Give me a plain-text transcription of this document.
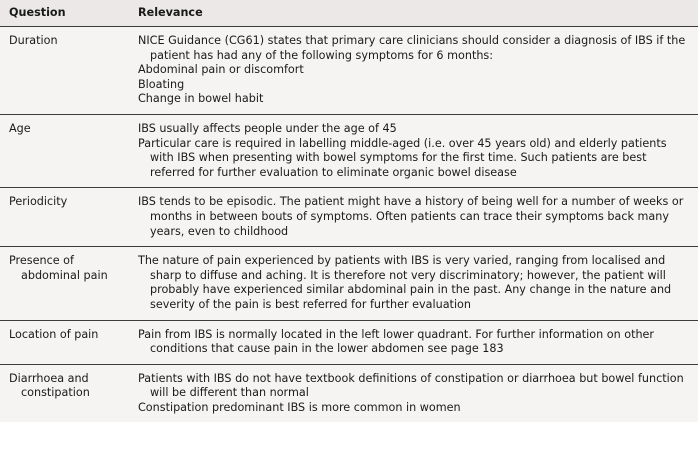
Question	Relevance

Duration	NICE Guidance (CG61) states that primary care clinicians should consider a diagnosis of IBS if the patient has had any of the following symptoms for 6 months:

Abdominal pain or discomfort

Bloating

Change in bowel habit

Age	IBS usually affects people under the age of 45

Particular care is required in labelling middle-aged (i.e. over 45 years old) and elderly patients with IBS when presenting with bowel symptoms for the first time. Such patients are best referred for further evaluation to eliminate organic bowel disease

Periodicity	IBS tends to be episodic. The patient might have a history of being well for a number of weeks or months in between bouts of symptoms. Often patients can trace their symptoms back many years, even to childhood

Presence of abdominal pain	The nature of pain experienced by patients with IBS is very varied, ranging from localised and sharp to diffuse and aching. It is therefore not very discriminatory; however, the patient will probably have experienced similar abdominal pain in the past. Any change in the nature and severity of the pain is best referred for further evaluation

Location of pain	Pain from IBS is normally located in the left lower quadrant. For further information on other conditions that cause pain in the lower abdomen see page 183

Diarrhoea and constipation	Patients with IBS do not have textbook definitions of constipation or diarrhoea but bowel function will be different than normal

Constipation predominant IBS is more common in women
